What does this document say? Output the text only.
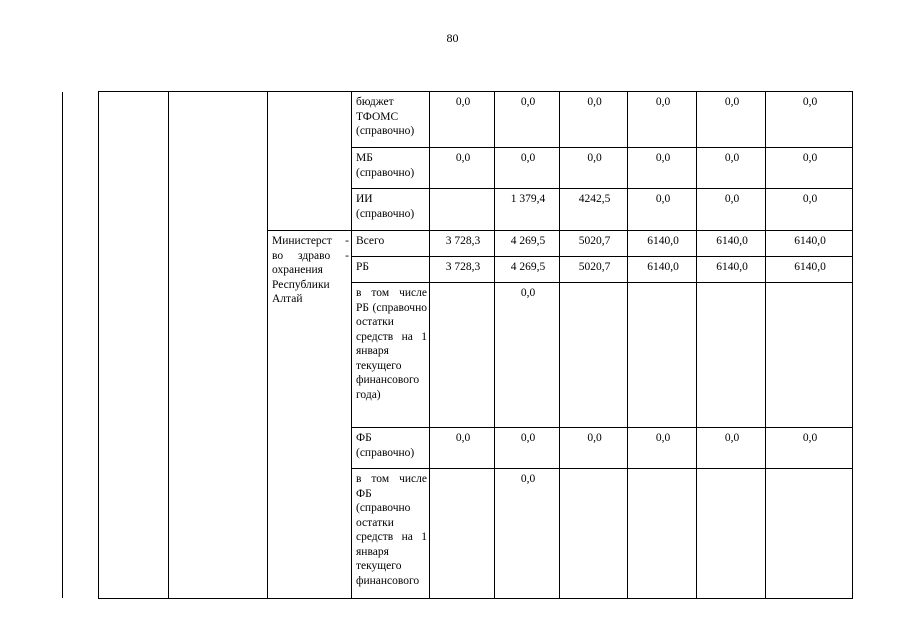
80
			бюджет ТФОМС (справочно)	0,0	0,0	0,0	0,0	0,0	0,0
			МБ (справочно)	0,0	0,0	0,0	0,0	0,0	0,0
			ИИ (справочно)		1 379,4	4242,5	0,0	0,0	0,0
		Министерст - во здраво - охранения Республики Алтай	Всего	3 728,3	4 269,5	5020,7	6140,0	6140,0	6140,0
			РБ	3 728,3	4 269,5	5020,7	6140,0	6140,0	6140,0
			в том числе РБ (справочно остатки средств на 1 января текущего финансового года)		0,0				
			ФБ (справочно)	0,0	0,0	0,0	0,0	0,0	0,0
			в том числе ФБ (справочно остатки средств на 1 января текущего финансового		0,0				
